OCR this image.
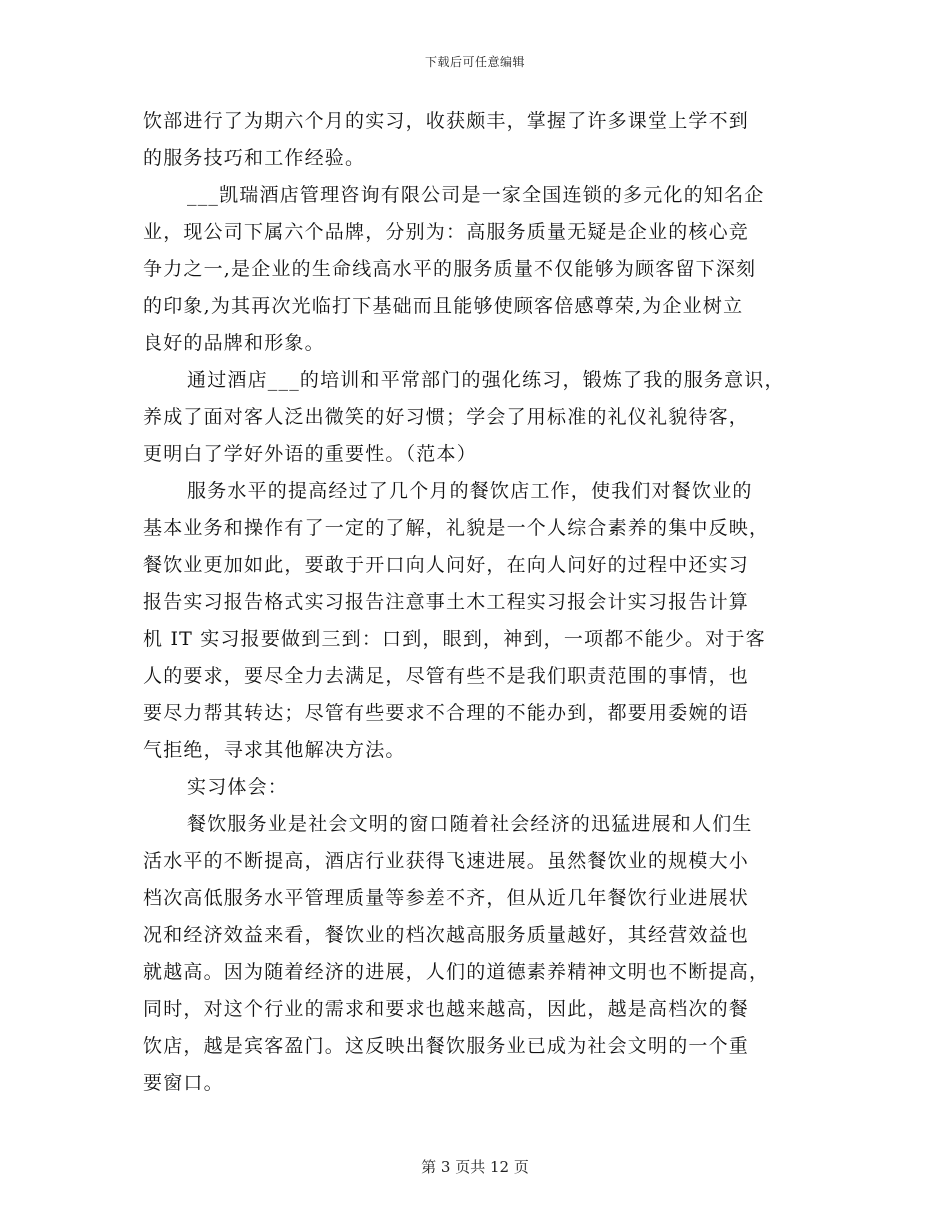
下载后可任意编辑
饮部进行了为期六个月的实习，收获颇丰，掌握了许多课堂上学不到
的服务技巧和工作经验。
___凯瑞酒店管理咨询有限公司是一家全国连锁的多元化的知名企
业，现公司下属六个品牌，分别为：高服务质量无疑是企业的核心竞
争力之一,是企业的生命线高水平的服务质量不仅能够为顾客留下深刻
的印象,为其再次光临打下基础而且能够使顾客倍感尊荣,为企业树立
良好的品牌和形象。
通过酒店___的培训和平常部门的强化练习，锻炼了我的服务意识，
养成了面对客人泛出微笑的好习惯；学会了用标准的礼仪礼貌待客，
更明白了学好外语的重要性。（范本）
服务水平的提高经过了几个月的餐饮店工作，使我们对餐饮业的
基本业务和操作有了一定的了解，礼貌是一个人综合素养的集中反映，
餐饮业更加如此，要敢于开口向人问好，在向人问好的过程中还实习
报告实习报告格式实习报告注意事土木工程实习报会计实习报告计算
机 IT 实习报要做到三到：口到，眼到，神到，一项都不能少。对于客
人的要求，要尽全力去满足，尽管有些不是我们职责范围的事情，也
要尽力帮其转达；尽管有些要求不合理的不能办到，都要用委婉的语
气拒绝，寻求其他解决方法。
实习体会：
餐饮服务业是社会文明的窗口随着社会经济的迅猛进展和人们生
活水平的不断提高，酒店行业获得飞速进展。虽然餐饮业的规模大小
档次高低服务水平管理质量等参差不齐，但从近几年餐饮行业进展状
况和经济效益来看，餐饮业的档次越高服务质量越好，其经营效益也
就越高。因为随着经济的进展，人们的道德素养精神文明也不断提高，
同时，对这个行业的需求和要求也越来越高，因此，越是高档次的餐
饮店，越是宾客盈门。这反映出餐饮服务业已成为社会文明的一个重
要窗口。
第 3 页共 12 页
